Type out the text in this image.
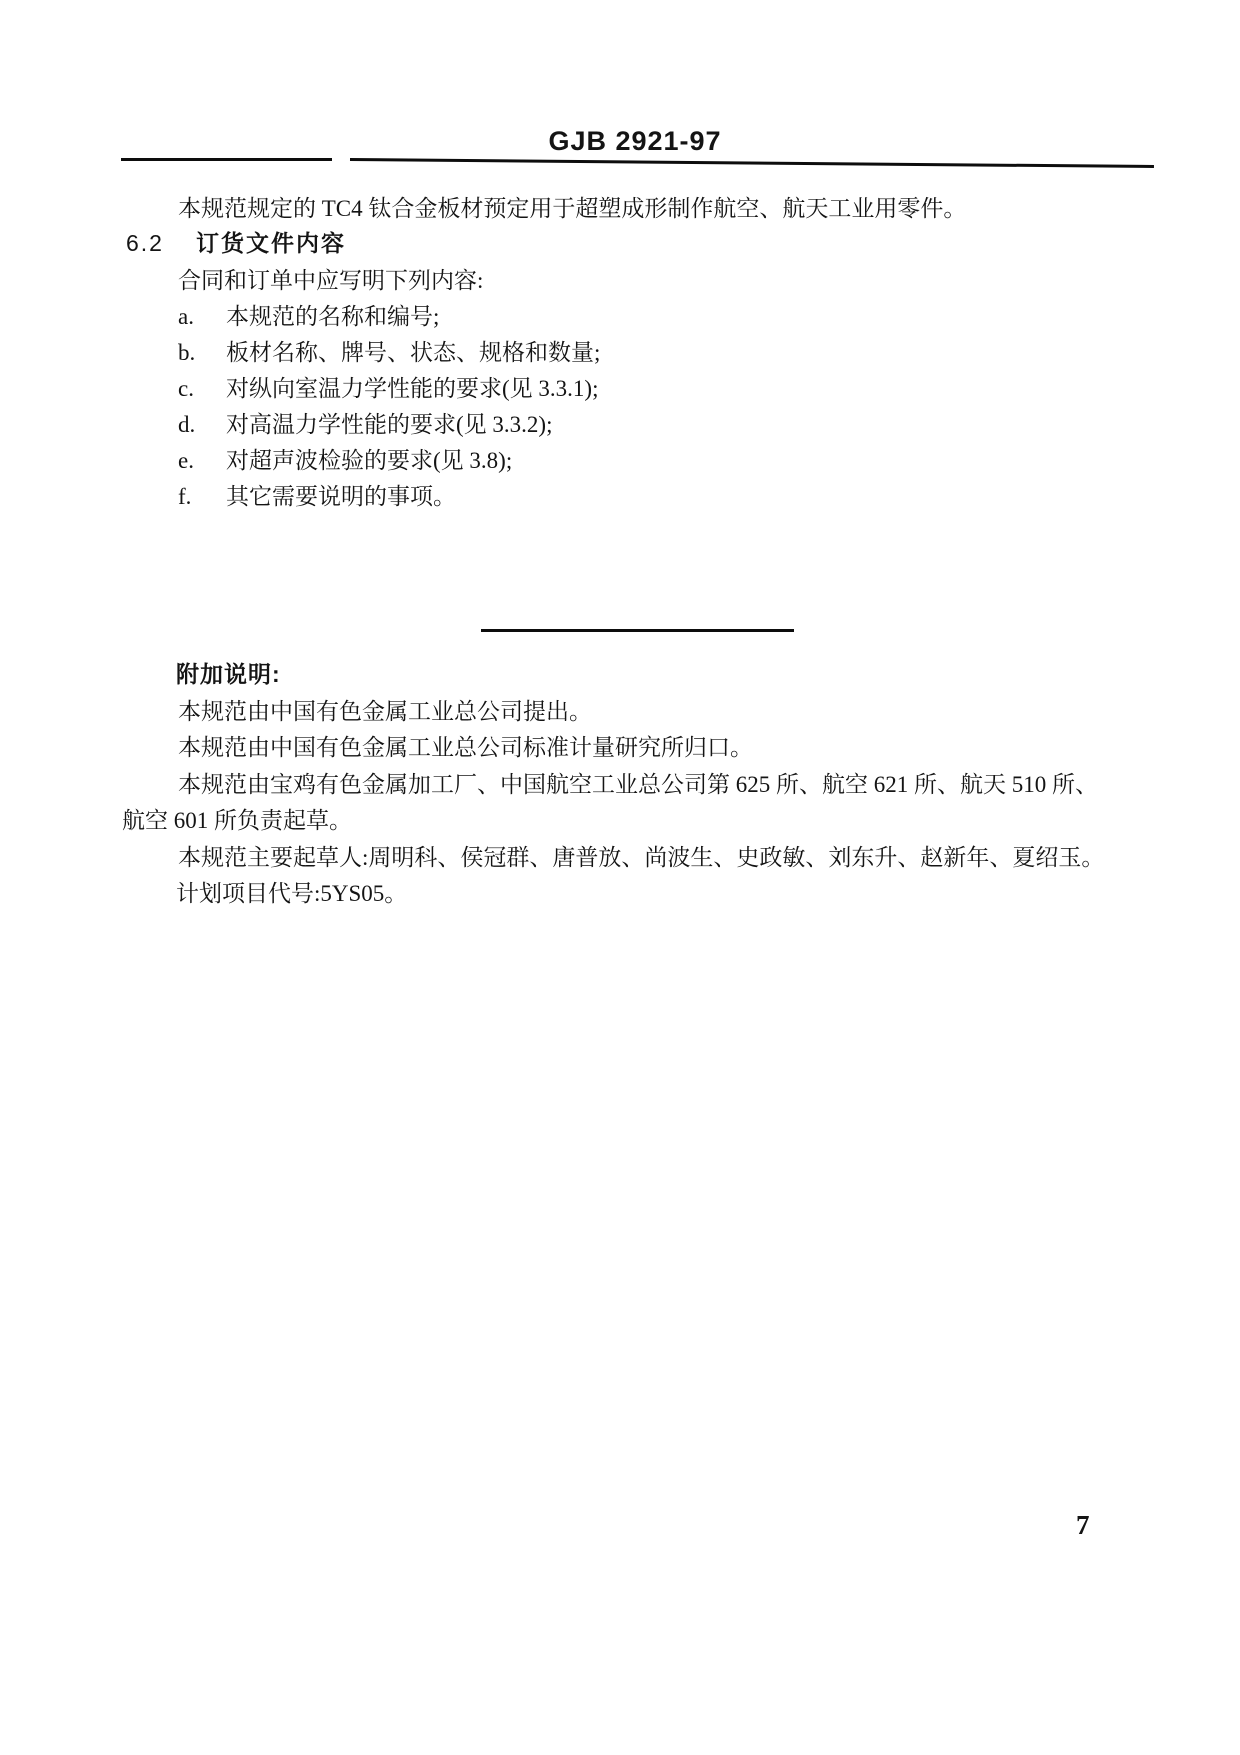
GJB 2921-97
本规范规定的 TC4 钛合金板材预定用于超塑成形制作航空、航天工业用零件。
6.2 订货文件内容
合同和订单中应写明下列内容:
a. 本规范的名称和编号;
b. 板材名称、牌号、状态、规格和数量;
c. 对纵向室温力学性能的要求(见 3.3.1);
d. 对高温力学性能的要求(见 3.3.2);
e. 对超声波检验的要求(见 3.8);
f. 其它需要说明的事项。
附加说明:
本规范由中国有色金属工业总公司提出。
本规范由中国有色金属工业总公司标准计量研究所归口。
本规范由宝鸡有色金属加工厂、中国航空工业总公司第 625 所、航空 621 所、航天 510 所、
航空 601 所负责起草。
本规范主要起草人:周明科、侯冠群、唐普放、尚波生、史政敏、刘东升、赵新年、夏绍玉。
计划项目代号:5YS05。
7
